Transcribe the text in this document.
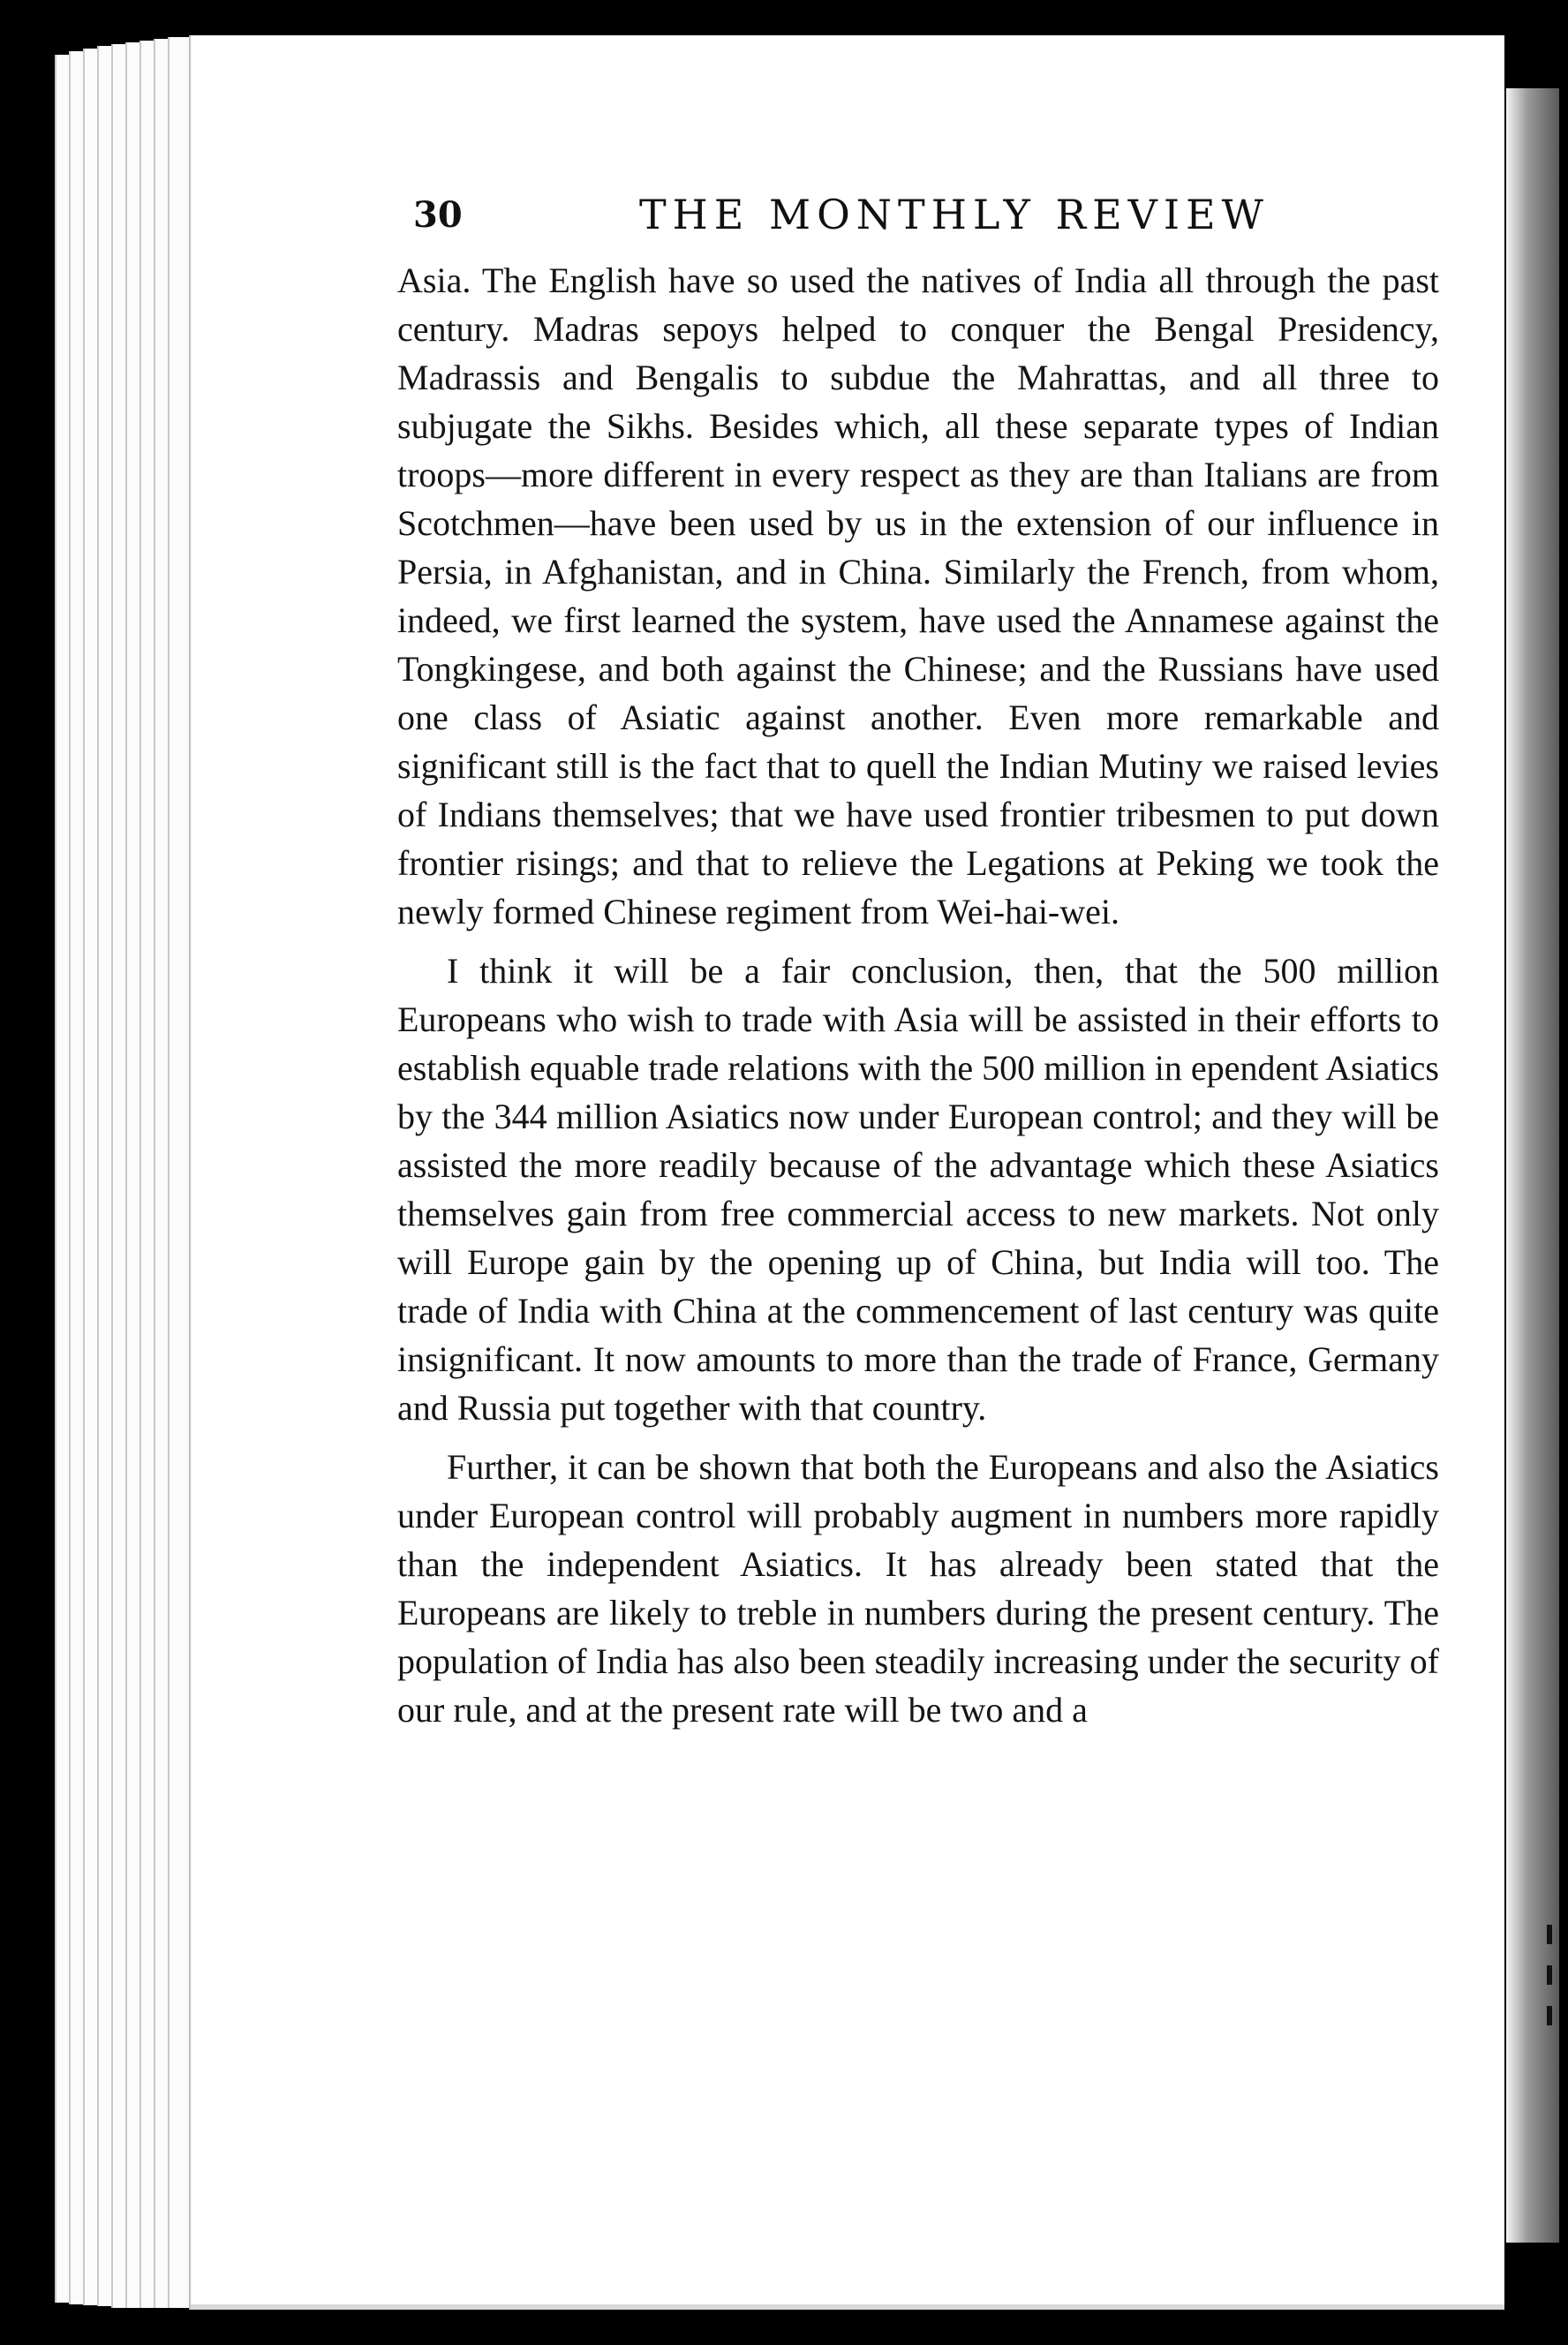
30	THE MONTHLY REVIEW

Asia. The English have so used the natives of India all through the past century. Madras sepoys helped to conquer the Bengal Presidency, Madrassis and Bengalis to subdue the Mahrattas, and all three to subjugate the Sikhs. Besides which, all these separate types of Indian troops—more different in every respect as they are than Italians are from Scotchmen—have been used by us in the extension of our influence in Persia, in Afghanistan, and in China. Similarly the French, from whom, indeed, we first learned the system, have used the Annamese against the Tongkingese, and both against the Chinese; and the Russians have used one class of Asiatic against another. Even more remarkable and significant still is the fact that to quell the Indian Mutiny we raised levies of Indians themselves; that we have used frontier tribesmen to put down frontier risings; and that to relieve the Legations at Peking we took the newly formed Chinese regiment from Wei-hai-wei.

I think it will be a fair conclusion, then, that the 500 million Europeans who wish to trade with Asia will be assisted in their efforts to establish equable trade relations with the 500 million in ependent Asiatics by the 344 million Asiatics now under European control; and they will be assisted the more readily because of the advantage which these Asiatics themselves gain from free commercial access to new markets. Not only will Europe gain by the opening up of China, but India will too. The trade of India with China at the commencement of last century was quite insignificant. It now amounts to more than the trade of France, Germany and Russia put together with that country.

Further, it can be shown that both the Europeans and also the Asiatics under European control will probably augment in numbers more rapidly than the independent Asiatics. It has already been stated that the Europeans are likely to treble in numbers during the present century. The population of India has also been steadily increasing under the security of our rule, and at the present rate will be two and a
